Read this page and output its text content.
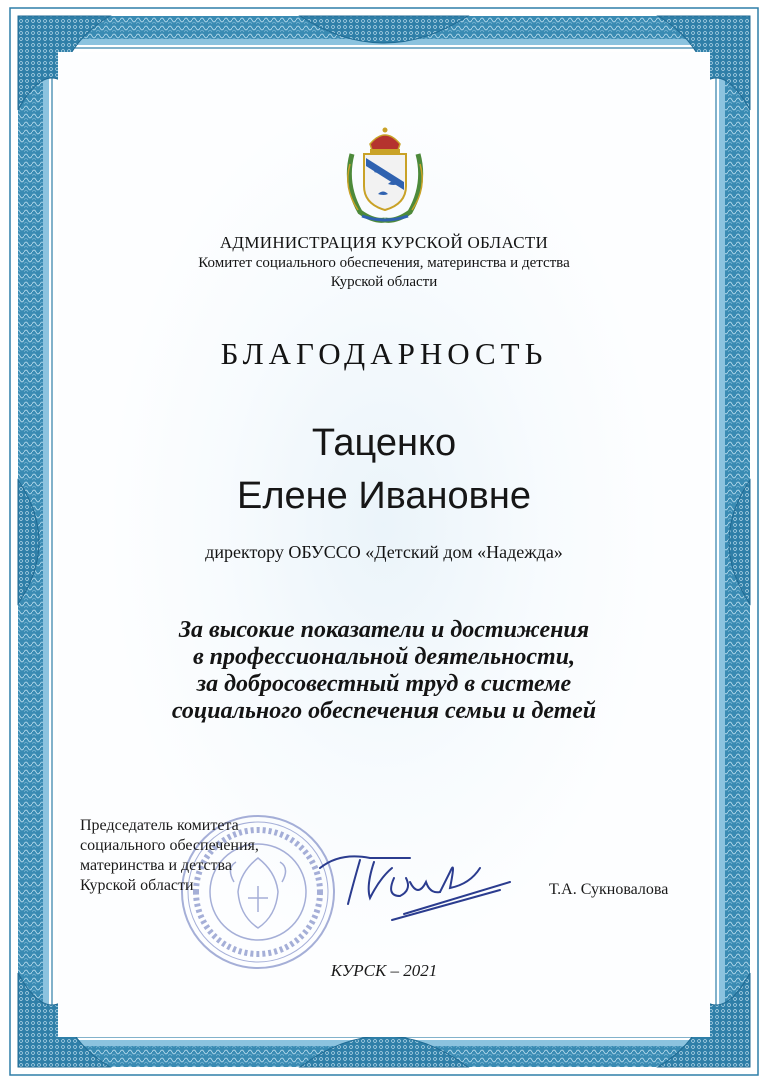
АДМИНИСТРАЦИЯ КУРСКОЙ ОБЛАСТИ
Комитет социального обеспечения, материнства и детства
Курской области
БЛАГОДАРНОСТЬ
Таценко
Елене Ивановне
директору ОБУССО «Детский дом «Надежда»
За высокие показатели и достижения
в профессиональной деятельности,
за добросовестный труд в системе
социального обеспечения семьи и детей
Председатель комитета
социального обеспечения,
материнства и детства
Курской области	Т.А. Сукновалова
КУРСК – 2021
